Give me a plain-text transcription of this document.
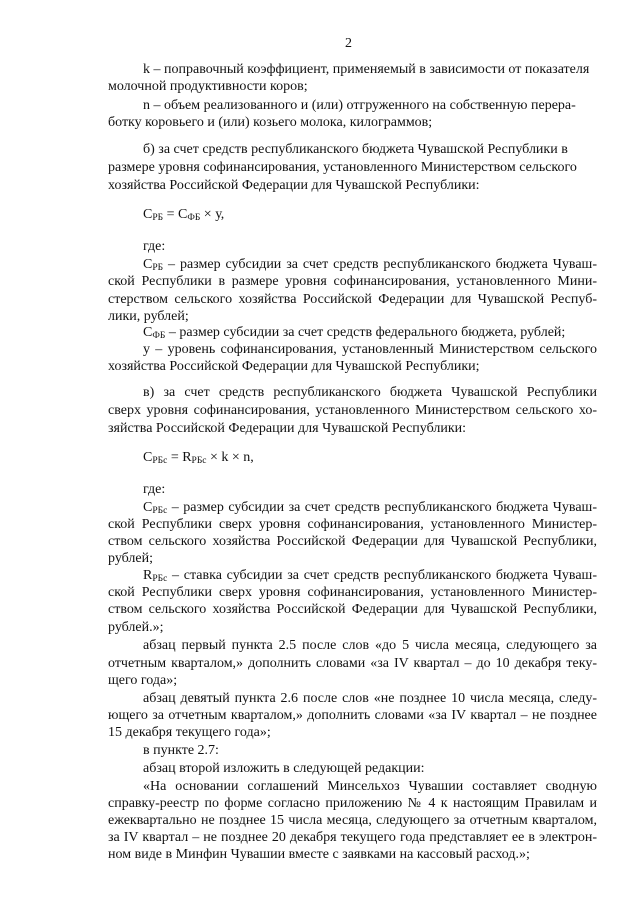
2
k – поправочный коэффициент, применяемый в зависимости от показателя
молочной продуктивности коров;
n – объем реализованного и (или) отгруженного на собственную перера-
ботку коровьего и (или) козьего молока, килограммов;
б) за счет средств республиканского бюджета Чувашской Республики в
размере уровня софинансирования, установленного Министерством сельского
хозяйства Российской Федерации для Чувашской Республики:
$С_{РБ} = С_{ФБ} \times у$,
где:
$С_{РБ}$ – размер субсидии за счет средств республиканского бюджета Чуваш-
ской Республики в размере уровня софинансирования, установленного Мини-
стерством сельского хозяйства Российской Федерации для Чувашской Респуб-
лики, рублей;
$С_{ФБ}$ – размер субсидии за счет средств федерального бюджета, рублей;
у – уровень софинансирования, установленный Министерством сельского
хозяйства Российской Федерации для Чувашской Республики;
в) за счет средств республиканского бюджета Чувашской Республики
сверх уровня софинансирования, установленного Министерством сельского хо-
зяйства Российской Федерации для Чувашской Республики:
$С_{РБс} = R_{РБс} \times k \times n$,
где:
$С_{РБс}$ – размер субсидии за счет средств республиканского бюджета Чуваш-
ской Республики сверх уровня софинансирования, установленного Министер-
ством сельского хозяйства Российской Федерации для Чувашской Республики,
рублей;
$R_{РБс}$ – ставка субсидии за счет средств республиканского бюджета Чуваш-
ской Республики сверх уровня софинансирования, установленного Министер-
ством сельского хозяйства Российской Федерации для Чувашской Республики,
рублей.»;
абзац первый пункта 2.5 после слов «до 5 числа месяца, следующего за
отчетным кварталом,» дополнить словами «за IV квартал – до 10 декабря теку-
щего года»;
абзац девятый пункта 2.6 после слов «не позднее 10 числа месяца, следу-
ющего за отчетным кварталом,» дополнить словами «за IV квартал – не позднее
15 декабря текущего года»;
в пункте 2.7:
абзац второй изложить в следующей редакции:
«На основании соглашений Минсельхоз Чувашии составляет сводную
справку-реестр по форме согласно приложению № 4 к настоящим Правилам и
ежеквартально не позднее 15 числа месяца, следующего за отчетным кварталом,
за IV квартал – не позднее 20 декабря текущего года представляет ее в электрон-
ном виде в Минфин Чувашии вместе с заявками на кассовый расход.»;
